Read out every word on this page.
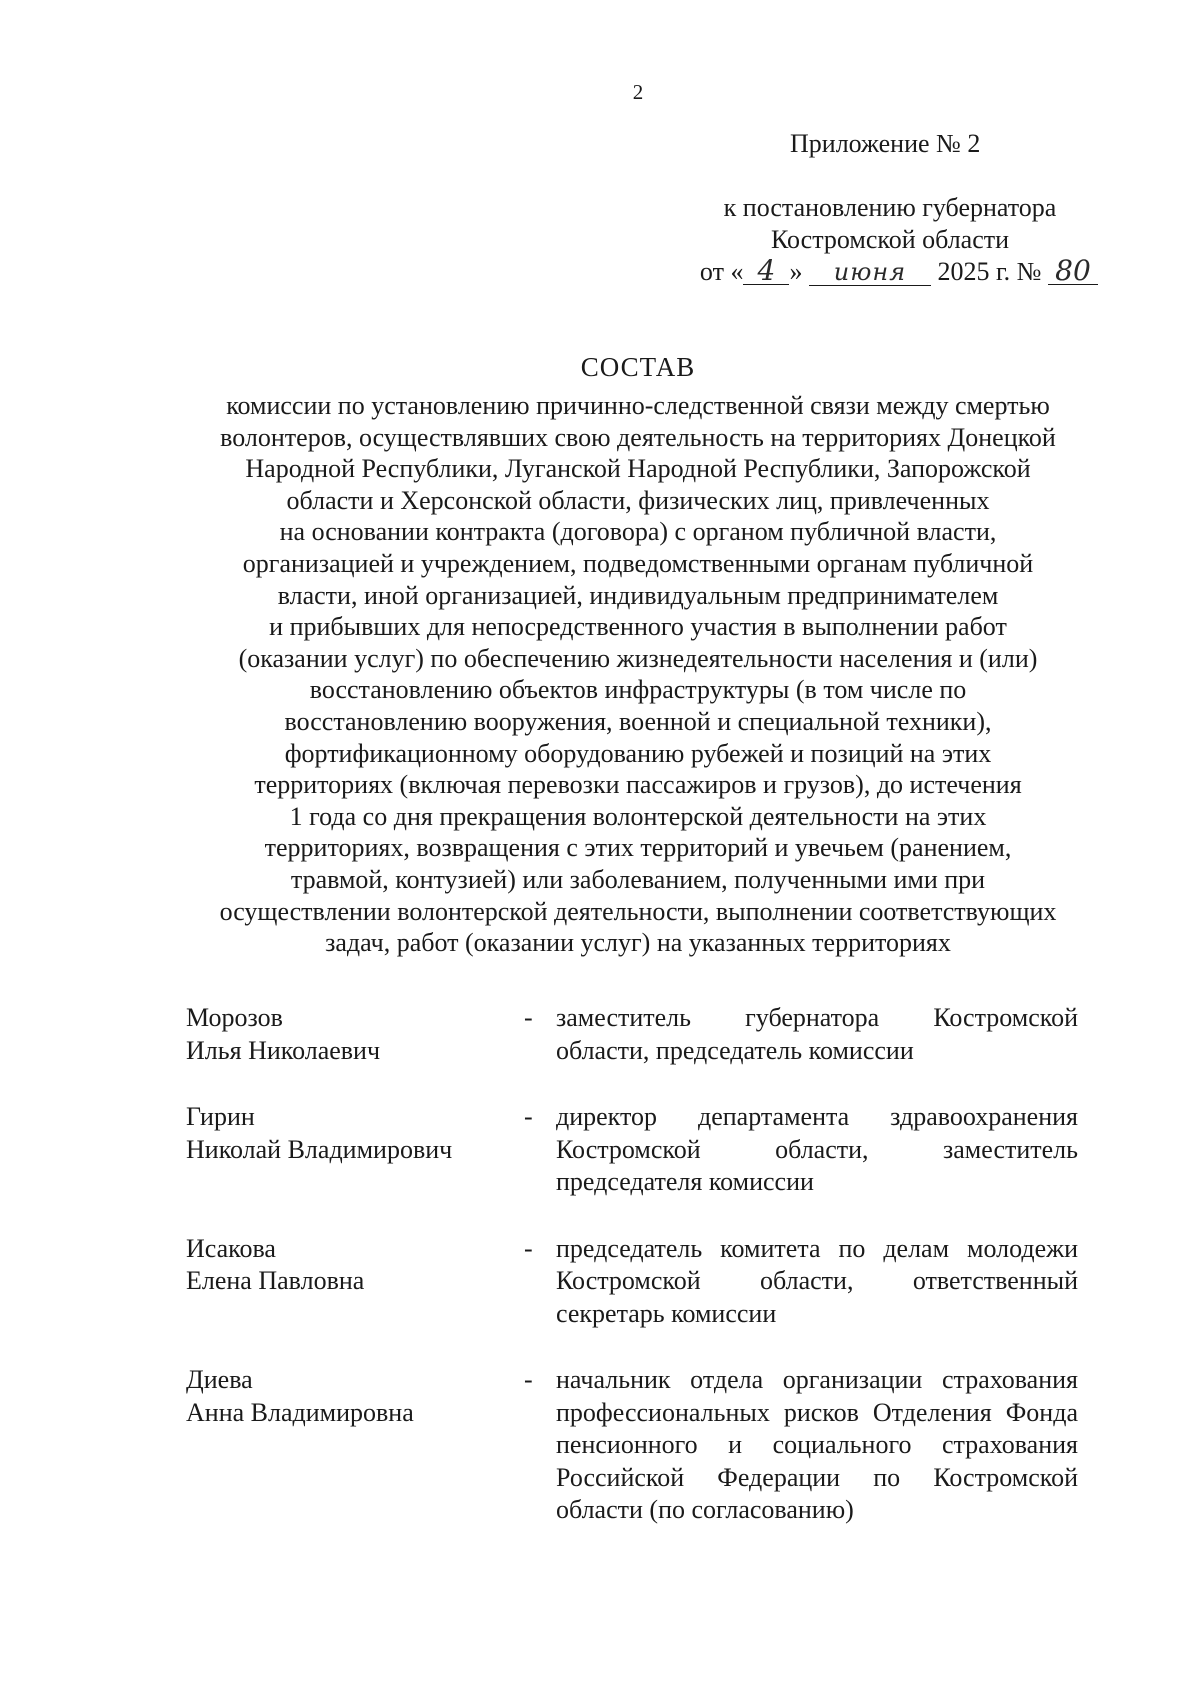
2
Приложение № 2
к постановлению губернатора
Костромской области
от « 4 » июня 2025 г. № 80
СОСТАВ
комиссии по установлению причинно-следственной связи между смертью
волонтеров, осуществлявших свою деятельность на территориях Донецкой
Народной Республики, Луганской Народной Республики, Запорожской
области и Херсонской области, физических лиц, привлеченных
на основании контракта (договора) с органом публичной власти,
организацией и учреждением, подведомственными органам публичной
власти, иной организацией, индивидуальным предпринимателем
и прибывших для непосредственного участия в выполнении работ
(оказании услуг) по обеспечению жизнедеятельности населения и (или)
восстановлению объектов инфраструктуры (в том числе по
восстановлению вооружения, военной и специальной техники),
фортификационному оборудованию рубежей и позиций на этих
территориях (включая перевозки пассажиров и грузов), до истечения
1 года со дня прекращения волонтерской деятельности на этих
территориях, возвращения с этих территорий и увечьем (ранением,
травмой, контузией) или заболеванием, полученными ими при
осуществлении волонтерской деятельности, выполнении соответствующих
задач, работ (оказании услуг) на указанных территориях
Морозов
Илья Николаевич
- заместитель губернатора Костромской области, председатель комиссии
Гирин
Николай Владимирович
- директор департамента здравоохранения Костромской области, заместитель председателя комиссии
Исакова
Елена Павловна
- председатель комитета по делам молодежи Костромской области, ответственный секретарь комиссии
Диева
Анна Владимировна
- начальник отдела организации страхования профессиональных рисков Отделения Фонда пенсионного и социального страхования Российской Федерации по Костромской области (по согласованию)
